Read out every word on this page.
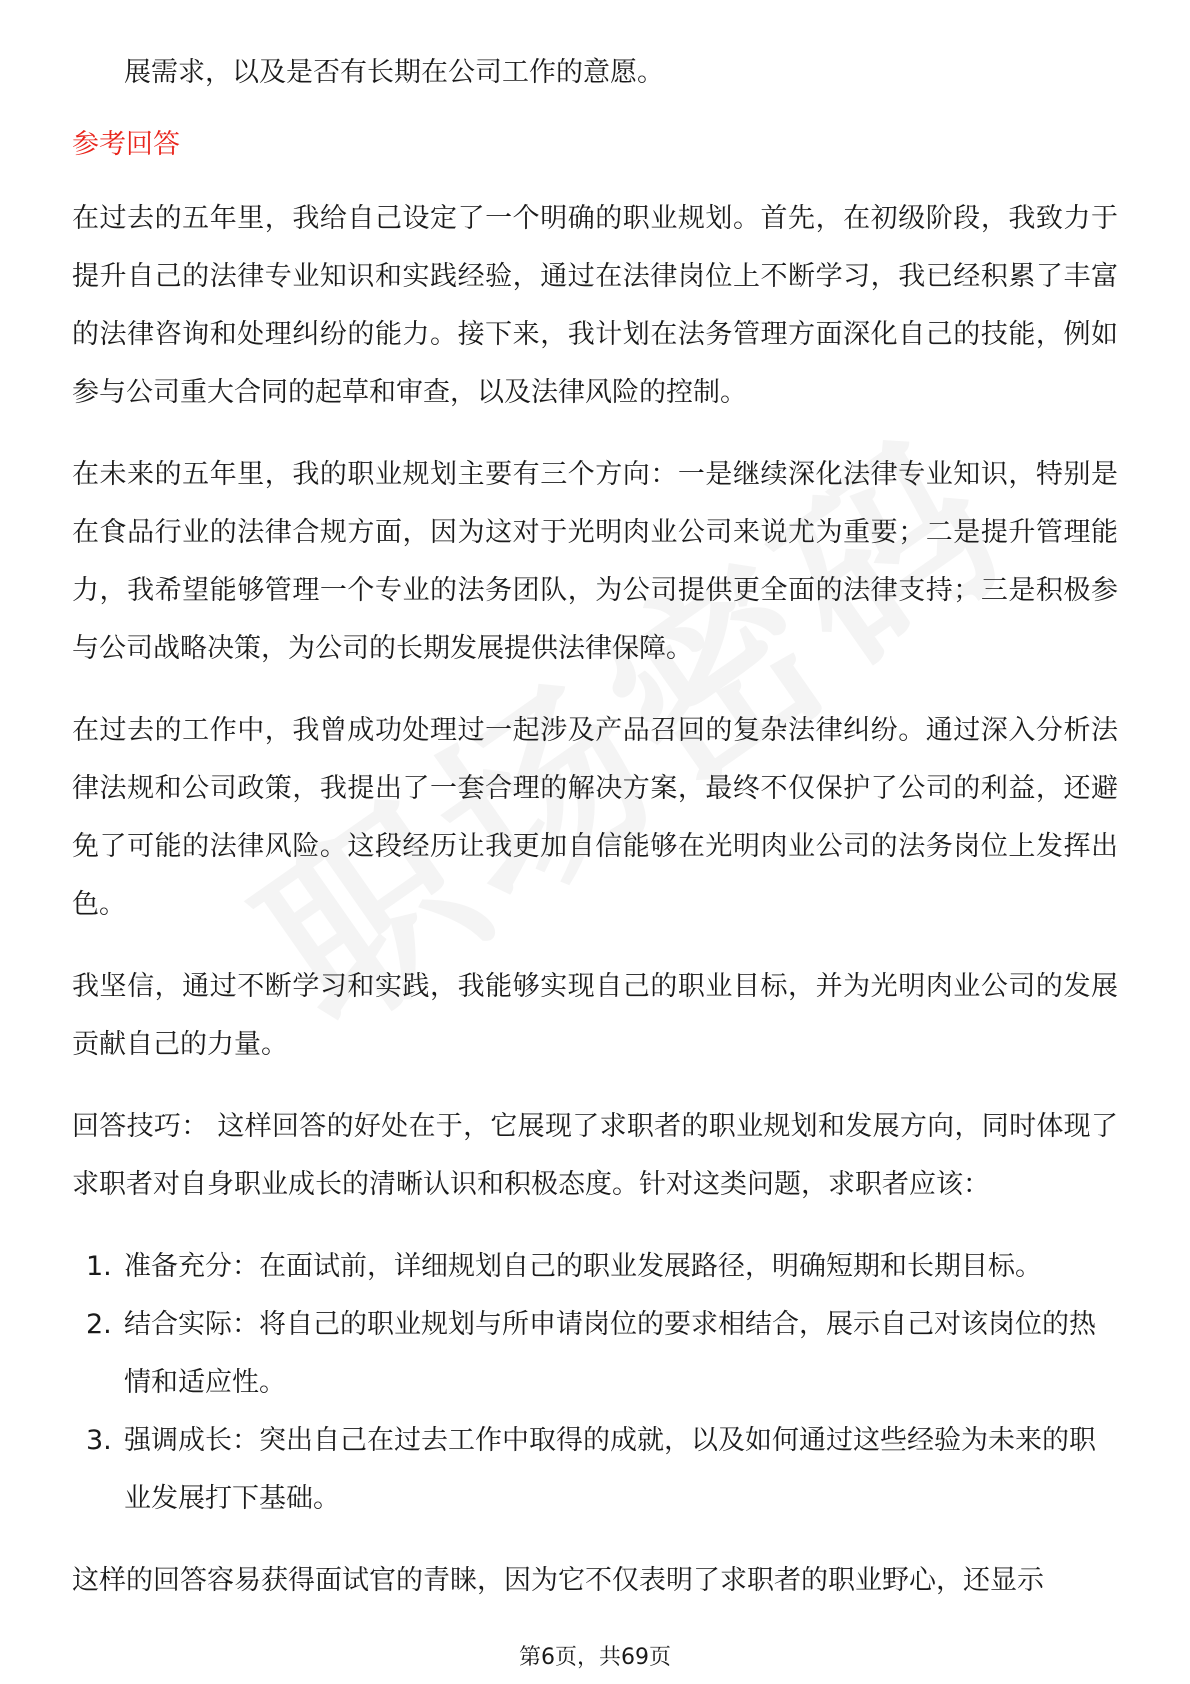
展需求，以及是否有长期在公司工作的意愿。

参考回答

在过去的五年里，我给自己设定了一个明确的职业规划。首先，在初级阶段，我致力于提升自己的法律专业知识和实践经验，通过在法律岗位上不断学习，我已经积累了丰富的法律咨询和处理纠纷的能力。接下来，我计划在法务管理方面深化自己的技能，例如参与公司重大合同的起草和审查，以及法律风险的控制。

在未来的五年里，我的职业规划主要有三个方向：一是继续深化法律专业知识，特别是在食品行业的法律合规方面，因为这对于光明肉业公司来说尤为重要；二是提升管理能力，我希望能够管理一个专业的法务团队，为公司提供更全面的法律支持；三是积极参与公司战略决策，为公司的长期发展提供法律保障。

在过去的工作中，我曾成功处理过一起涉及产品召回的复杂法律纠纷。通过深入分析法律法规和公司政策，我提出了一套合理的解决方案，最终不仅保护了公司的利益，还避免了可能的法律风险。这段经历让我更加自信能够在光明肉业公司的法务岗位上发挥出色。

我坚信，通过不断学习和实践，我能够实现自己的职业目标，并为光明肉业公司的发展贡献自己的力量。

回答技巧： 这样回答的好处在于，它展现了求职者的职业规划和发展方向，同时体现了求职者对自身职业成长的清晰认识和积极态度。针对这类问题，求职者应该：

1. 准备充分：在面试前，详细规划自己的职业发展路径，明确短期和长期目标。
2. 结合实际：将自己的职业规划与所申请岗位的要求相结合，展示自己对该岗位的热情和适应性。
3. 强调成长：突出自己在过去工作中取得的成就，以及如何通过这些经验为未来的职业发展打下基础。

这样的回答容易获得面试官的青睐，因为它不仅表明了求职者的职业野心，还显示

第6页，共69页
